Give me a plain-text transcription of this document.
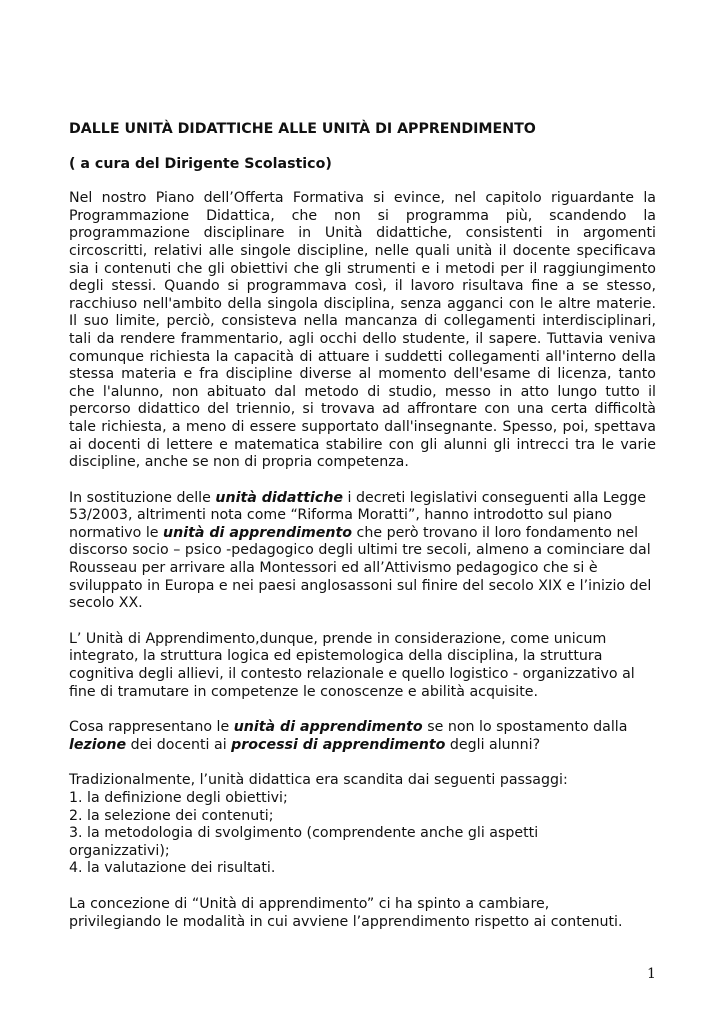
DALLE UNITÀ DIDATTICHE ALLE UNITÀ DI APPRENDIMENTO
( a cura del Dirigente Scolastico)

Nel nostro Piano dell’Offerta Formativa si evince, nel capitolo riguardante la Programmazione Didattica, che non si programma più, scandendo la programmazione disciplinare in Unità didattiche, consistenti in argomenti circoscritti, relativi alle singole discipline, nelle quali unità il docente specificava sia i contenuti che gli obiettivi che gli strumenti e i metodi per il raggiungimento degli stessi. Quando si programmava così, il lavoro risultava fine a se stesso, racchiuso nell'ambito della singola disciplina, senza agganci con le altre materie. Il suo limite, perciò, consisteva nella mancanza di collegamenti interdisciplinari, tali da rendere frammentario, agli occhi dello studente, il sapere. Tuttavia veniva comunque richiesta la capacità di attuare i suddetti collegamenti all'interno della stessa materia e fra discipline diverse al momento dell'esame di licenza, tanto che l'alunno, non abituato dal metodo di studio, messo in atto lungo tutto il percorso didattico del triennio, si trovava ad affrontare con una certa difficoltà tale richiesta, a meno di essere supportato dall'insegnante. Spesso, poi, spettava ai docenti di lettere e matematica stabilire con gli alunni gli intrecci tra le varie discipline, anche se non di propria competenza.

In sostituzione delle unità didattiche i decreti legislativi conseguenti alla Legge 53/2003, altrimenti nota come “Riforma Moratti”, hanno introdotto sul piano normativo le unità di apprendimento che però trovano il loro fondamento nel discorso socio – psico -pedagogico degli ultimi tre secoli, almeno a cominciare dal Rousseau per arrivare alla Montessori ed all’Attivismo pedagogico che si è sviluppato in Europa e nei paesi anglosassoni sul finire del secolo XIX e l’inizio del secolo XX.

L’ Unità di Apprendimento,dunque, prende in considerazione, come unicum integrato, la struttura logica ed epistemologica della disciplina, la struttura cognitiva degli allievi, il contesto relazionale e quello logistico - organizzativo al fine di tramutare in competenze le conoscenze e abilità acquisite.

Cosa rappresentano le unità di apprendimento se non lo spostamento dalla
lezione dei docenti ai processi di apprendimento degli alunni?

Tradizionalmente, l’unità didattica era scandita dai seguenti passaggi:
1. la definizione degli obiettivi;
2. la selezione dei contenuti;
3. la metodologia di svolgimento (comprendente anche gli aspetti
organizzativi);
4. la valutazione dei risultati.
La concezione di “Unità di apprendimento” ci ha spinto a cambiare,
privilegiando le modalità in cui avviene l’apprendimento rispetto ai contenuti.
1
